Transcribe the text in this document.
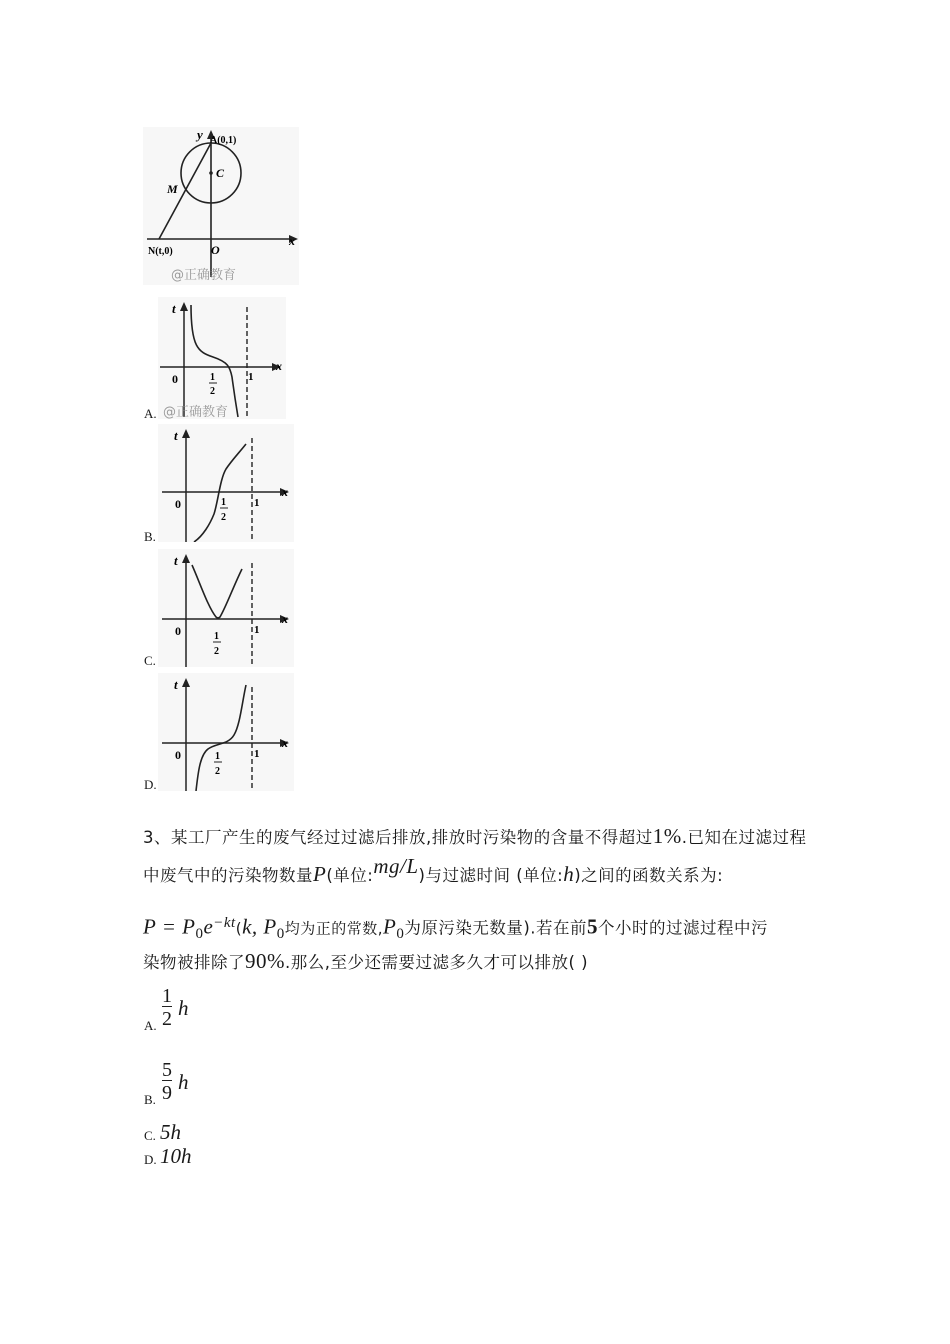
y
x
A(0,1)
C
M
N(t,0)	O
@正确教育
A.
t
x
0	1
2
1
@正确教育
B.
t
x
0	1
2
1
C.
t
x
0	1
2
1
D.
t
x
0	1
2
1
3、某工厂产生的废气经过过滤后排放,排放时污染物的含量不得超过1%.已知在过滤过程
中废气中的污染物数量P(单位:mg/L)与过滤时间 (单位:h)之间的函数关系为:
$P = P_0e^{-kt}(k$, $P_0$均为正的常数$,P_0$为原污染无数量).若在前5个小时的过滤过程中污
染物被排除了90%.那么,至少还需要过滤多久才可以排放( )
A. $\frac{1}{2}$ h
B. $\frac{5}{9}$ h
C. 5h
D. 10h
